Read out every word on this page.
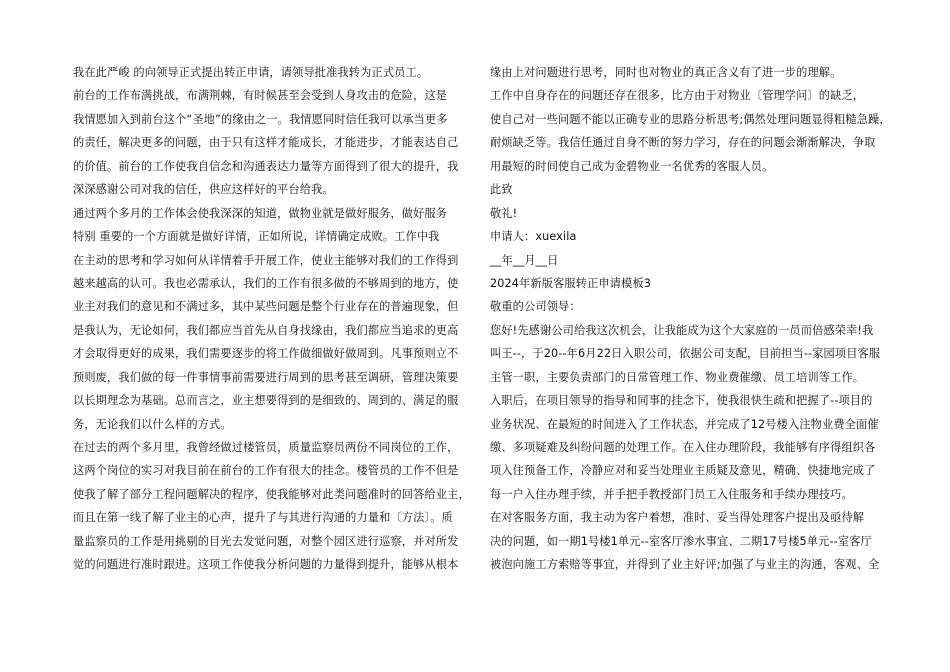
我在此严峻 的向领导正式提出转正申请，请领导批准我转为正式员工。
前台的工作布满挑战，布满荆棘，有时候甚至会受到人身攻击的危险，这是
我情愿加入到前台这个“圣地”的缘由之一。我情愿同时信任我可以承当更多
的责任，解决更多的问题，由于只有这样才能成长，才能进步，才能表达自己
的价值。前台的工作使我自信念和沟通表达力量等方面得到了很大的提升，我
深深感谢公司对我的信任，供应这样好的平台给我。
通过两个多月的工作体会使我深深的知道，做物业就是做好服务，做好服务
特别 重要的一个方面就是做好详情，正如所说，详情确定成败。工作中我
在主动的思考和学习如何从详情着手开展工作，使业主能够对我们的工作得到
越来越高的认可。我也必需承认，我们的工作有很多做的不够周到的地方，使
业主对我们的意见和不满过多，其中某些问题是整个行业存在的普遍现象，但
是我认为，无论如何，我们都应当首先从自身找缘由，我们都应当追求的更高
才会取得更好的成果，我们需要逐步的将工作做细做好做周到。凡事预则立不
预则废，我们做的每一件事情事前需要进行周到的思考甚至调研，管理决策要
以长期理念为基础。总而言之，业主想要得到的是细致的、周到的、满足的服
务，无论我们以什么样的方式。
在过去的两个多月里，我曾经做过楼管员，质量监察员两份不同岗位的工作，
这两个岗位的实习对我目前在前台的工作有很大的挂念。楼管员的工作不但是
使我了解了部分工程问题解决的程序，使我能够对此类问题准时的回答给业主，
而且在第一线了解了业主的心声，提升了与其进行沟通的力量和〔方法〕。质
量监察员的工作是用挑剔的目光去发觉问题，对整个园区进行巡察，并对所发
觉的问题进行准时跟进。这项工作使我分析问题的力量得到提升，能够从根本
缘由上对问题进行思考，同时也对物业的真正含义有了进一步的理解。
工作中自身存在的问题还存在很多，比方由于对物业〔管理学问〕的缺乏，
使自己对一些问题不能以正确专业的思路分析思考;偶然处理问题显得粗糙急躁，
耐烦缺乏等。我信任通过自身不断的努力学习，存在的问题会渐渐解决，争取
用最短的时间使自己成为金碧物业一名优秀的客服人员。
此致
敬礼!
申请人：xuexila
__年__月__日
2024年新版客服转正申请模板3
敬重的公司领导：
您好!先感谢公司给我这次机会，让我能成为这个大家庭的一员而倍感荣幸!我
叫王--，于20--年6月22日入职公司，依据公司支配，目前担当--家园项目客服
主管一职，主要负责部门的日常管理工作、物业费催缴、员工培训等工作。
入职后，在项目领导的指导和同事的挂念下，使我很快生疏和把握了--项目的
业务状况、在最短的时间进入了工作状态，并完成了12号楼入注物业费全面催
缴、多项疑难及纠纷问题的处理工作。在入住办理阶段，我能够有序得组织各
项入住预备工作，冷静应对和妥当处理业主质疑及意见，精确、快捷地完成了
每一户入住办理手续，并手把手教授部门员工入住服务和手续办理技巧。
在对客服务方面，我主动为客户着想，准时、妥当得处理客户提出及亟待解
决的问题，如一期1号楼1单元--室客厅渗水事宜、二期17号楼5单元--室客厅
被泡向施工方索赔等事宜，并得到了业主好评;加强了与业主的沟通，客观、全
